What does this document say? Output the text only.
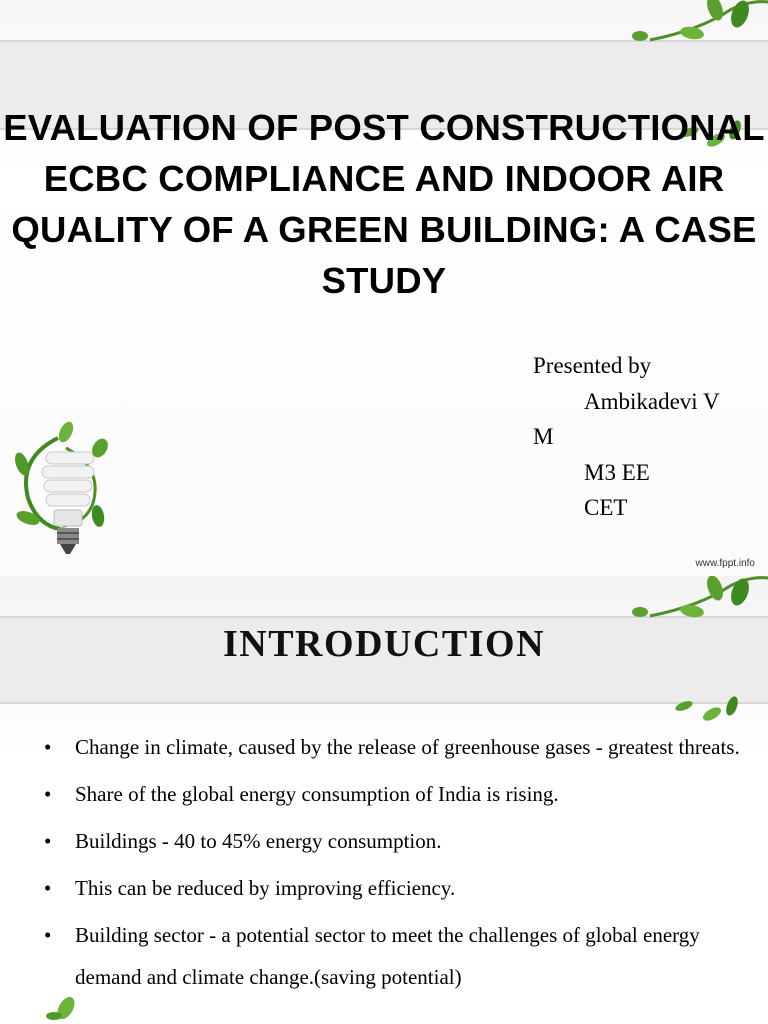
EVALUATION OF POST CONSTRUCTIONAL ECBC COMPLIANCE AND INDOOR AIR QUALITY OF A GREEN BUILDING: A CASE STUDY
Presented by
Ambikadevi V
M
M3 EE
CET
www.fppt.info
INTRODUCTION
• Change in climate, caused by the release of greenhouse gases - greatest threats.
• Share of the global energy consumption of India is rising.
• Buildings - 40 to 45% energy consumption.
• This can be reduced by improving efficiency.
• Building sector - a potential sector to meet the challenges of global energy demand and climate change.(saving potential)
